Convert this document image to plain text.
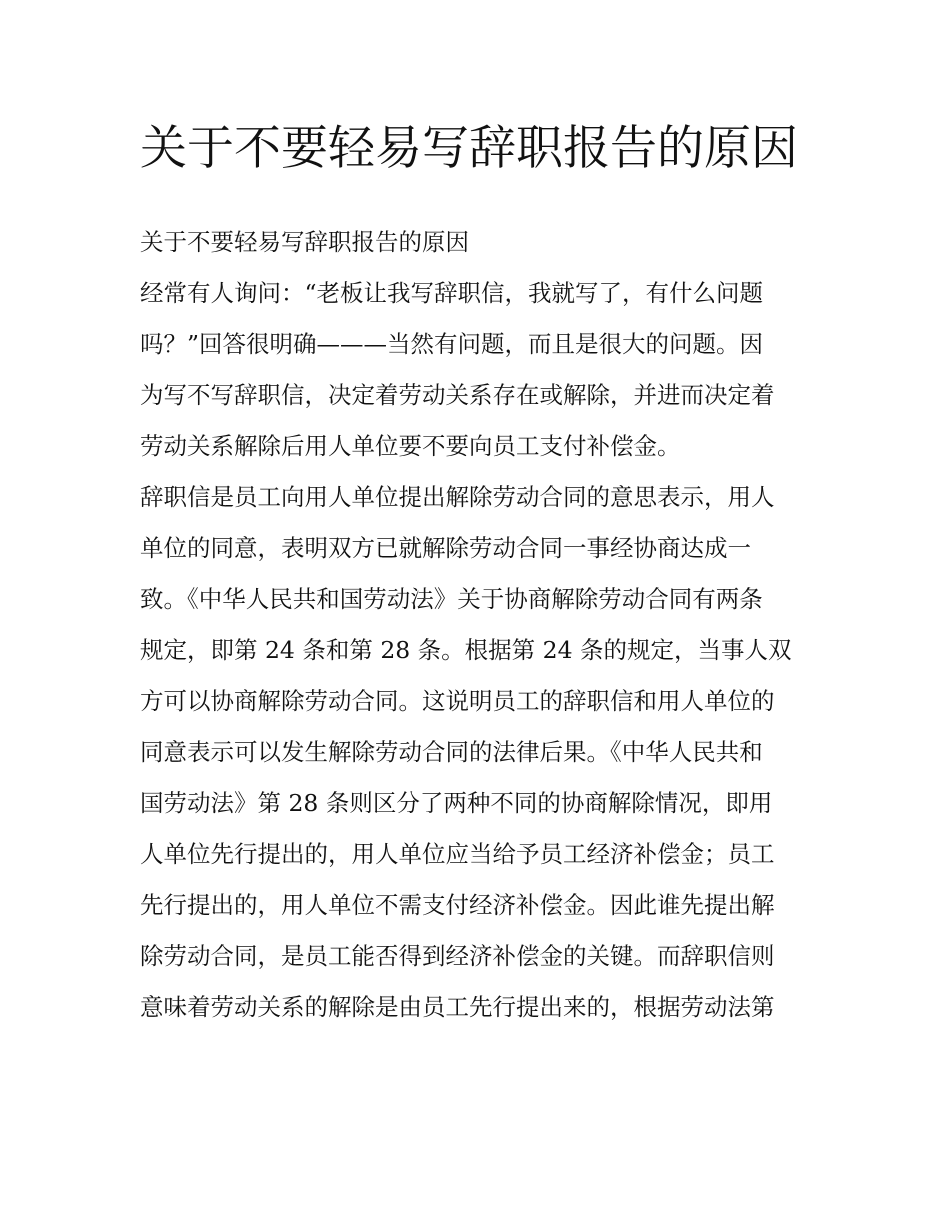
关于不要轻易写辞职报告的原因

关于不要轻易写辞职报告的原因

经常有人询问：“老板让我写辞职信，我就写了，有什么问题

吗？”回答很明确———当然有问题，而且是很大的问题。因

为写不写辞职信，决定着劳动关系存在或解除，并进而决定着

劳动关系解除后用人单位要不要向员工支付补偿金。

辞职信是员工向用人单位提出解除劳动合同的意思表示，用人

单位的同意，表明双方已就解除劳动合同一事经协商达成一

致。《中华人民共和国劳动法》关于协商解除劳动合同有两条

规定，即第 24 条和第 28 条。根据第 24 条的规定，当事人双

方可以协商解除劳动合同。这说明员工的辞职信和用人单位的

同意表示可以发生解除劳动合同的法律后果。《中华人民共和

国劳动法》第 28 条则区分了两种不同的协商解除情况，即用

人单位先行提出的，用人单位应当给予员工经济补偿金；员工

先行提出的，用人单位不需支付经济补偿金。因此谁先提出解

除劳动合同，是员工能否得到经济补偿金的关键。而辞职信则

意味着劳动关系的解除是由员工先行提出来的，根据劳动法第
